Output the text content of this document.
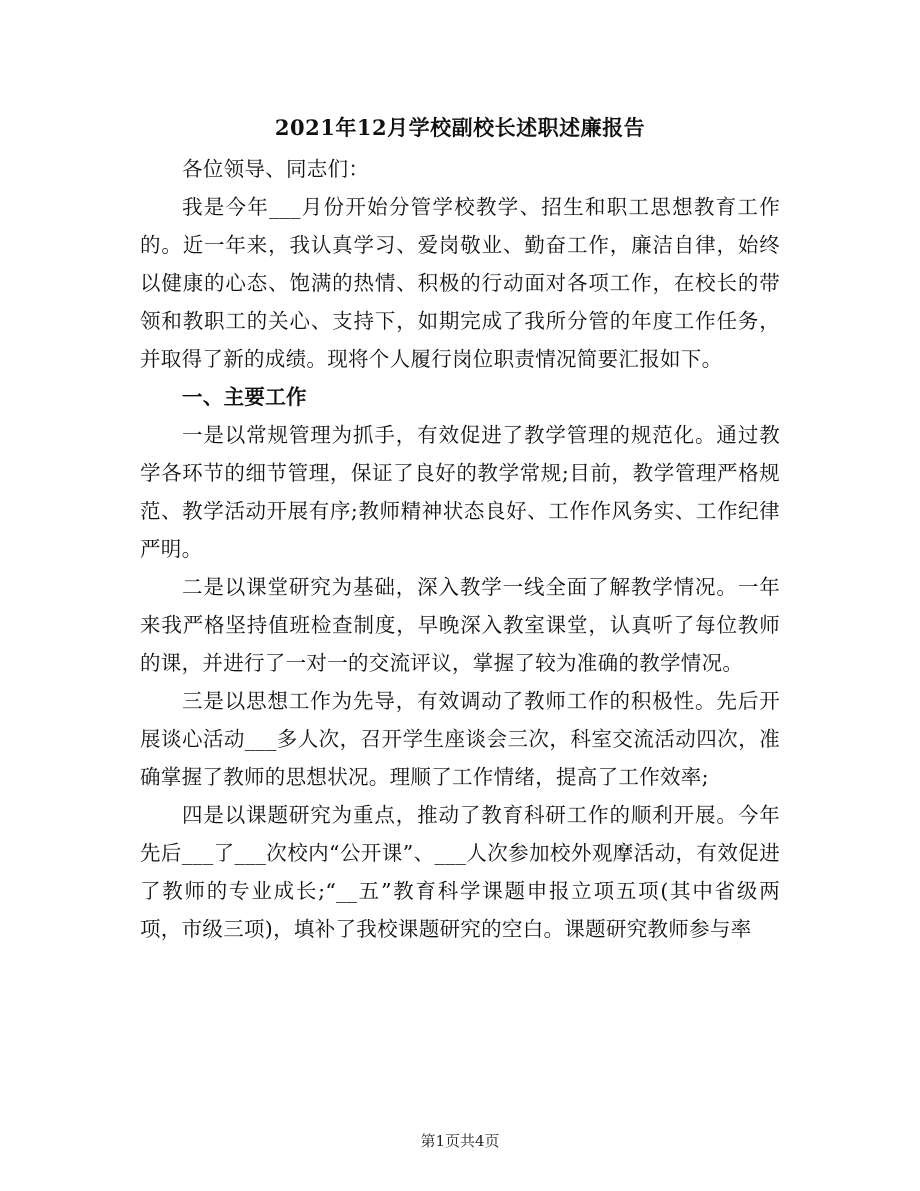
2021年12月学校副校长述职述廉报告

各位领导、同志们：

我是今年___月份开始分管学校教学、招生和职工思想教育工作的。近一年来，我认真学习、爱岗敬业、勤奋工作，廉洁自律，始终以健康的心态、饱满的热情、积极的行动面对各项工作，在校长的带领和教职工的关心、支持下，如期完成了我所分管的年度工作任务，并取得了新的成绩。现将个人履行岗位职责情况简要汇报如下。

一、主要工作

一是以常规管理为抓手，有效促进了教学管理的规范化。通过教学各环节的细节管理，保证了良好的教学常规;目前，教学管理严格规范、教学活动开展有序;教师精神状态良好、工作作风务实、工作纪律严明。

二是以课堂研究为基础，深入教学一线全面了解教学情况。一年来我严格坚持值班检查制度，早晚深入教室课堂，认真听了每位教师的课，并进行了一对一的交流评议，掌握了较为准确的教学情况。

三是以思想工作为先导，有效调动了教师工作的积极性。先后开展谈心活动___多人次，召开学生座谈会三次，科室交流活动四次，准确掌握了教师的思想状况。理顺了工作情绪，提高了工作效率;

四是以课题研究为重点，推动了教育科研工作的顺利开展。今年先后___了___次校内“公开课”、___人次参加校外观摩活动，有效促进了教师的专业成长;“__五”教育科学课题申报立项五项(其中省级两项，市级三项)，填补了我校课题研究的空白。课题研究教师参与率

第1页共4页
